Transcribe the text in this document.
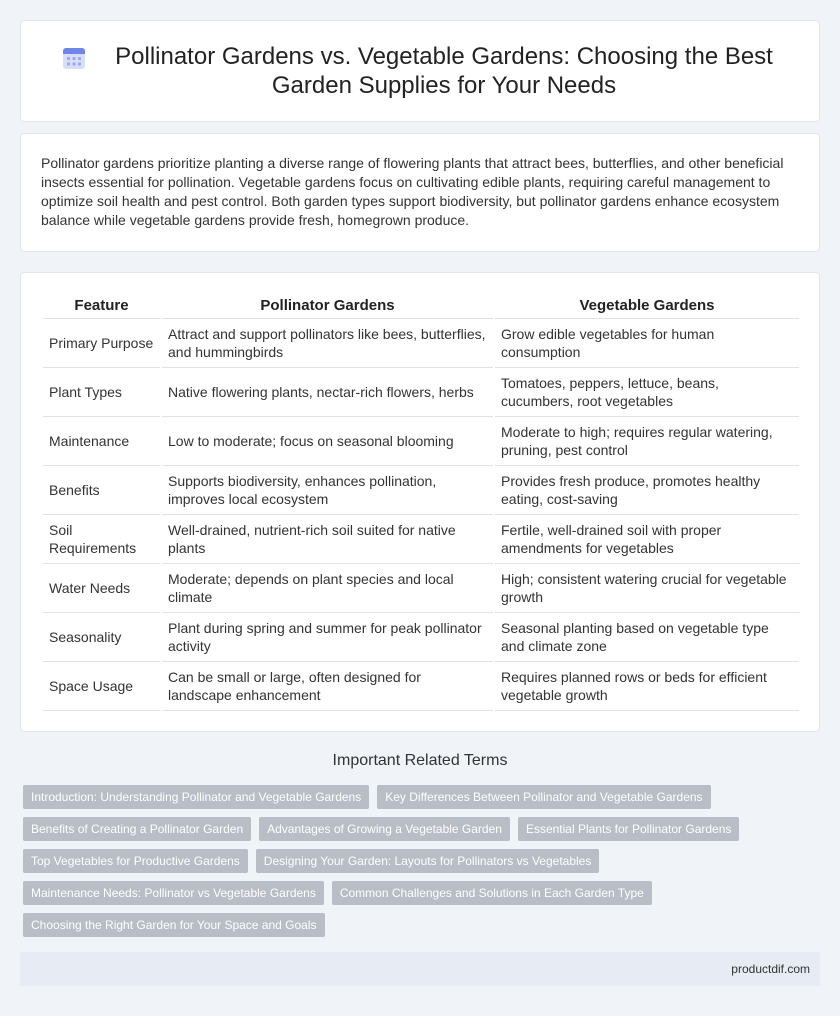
Pollinator Gardens vs. Vegetable Gardens: Choosing the Best Garden Supplies for Your Needs

Pollinator gardens prioritize planting a diverse range of flowering plants that attract bees, butterflies, and other beneficial insects essential for pollination. Vegetable gardens focus on cultivating edible plants, requiring careful management to optimize soil health and pest control. Both garden types support biodiversity, but pollinator gardens enhance ecosystem balance while vegetable gardens provide fresh, homegrown produce.

Feature	Pollinator Gardens	Vegetable Gardens
Primary Purpose	Attract and support pollinators like bees, butterflies, and hummingbirds	Grow edible vegetables for human consumption
Plant Types	Native flowering plants, nectar-rich flowers, herbs	Tomatoes, peppers, lettuce, beans, cucumbers, root vegetables
Maintenance	Low to moderate; focus on seasonal blooming	Moderate to high; requires regular watering, pruning, pest control
Benefits	Supports biodiversity, enhances pollination, improves local ecosystem	Provides fresh produce, promotes healthy eating, cost-saving
Soil Requirements	Well-drained, nutrient-rich soil suited for native plants	Fertile, well-drained soil with proper amendments for vegetables
Water Needs	Moderate; depends on plant species and local climate	High; consistent watering crucial for vegetable growth
Seasonality	Plant during spring and summer for peak pollinator activity	Seasonal planting based on vegetable type and climate zone
Space Usage	Can be small or large, often designed for landscape enhancement	Requires planned rows or beds for efficient vegetable growth
Important Related Terms
Introduction: Understanding Pollinator and Vegetable Gardens	Key Differences Between Pollinator and Vegetable Gardens
Benefits of Creating a Pollinator Garden	Advantages of Growing a Vegetable Garden	Essential Plants for Pollinator Gardens
Top Vegetables for Productive Gardens	Designing Your Garden: Layouts for Pollinators vs Vegetables
Maintenance Needs: Pollinator vs Vegetable Gardens	Common Challenges and Solutions in Each Garden Type
Choosing the Right Garden for Your Space and Goals
productdif.com
